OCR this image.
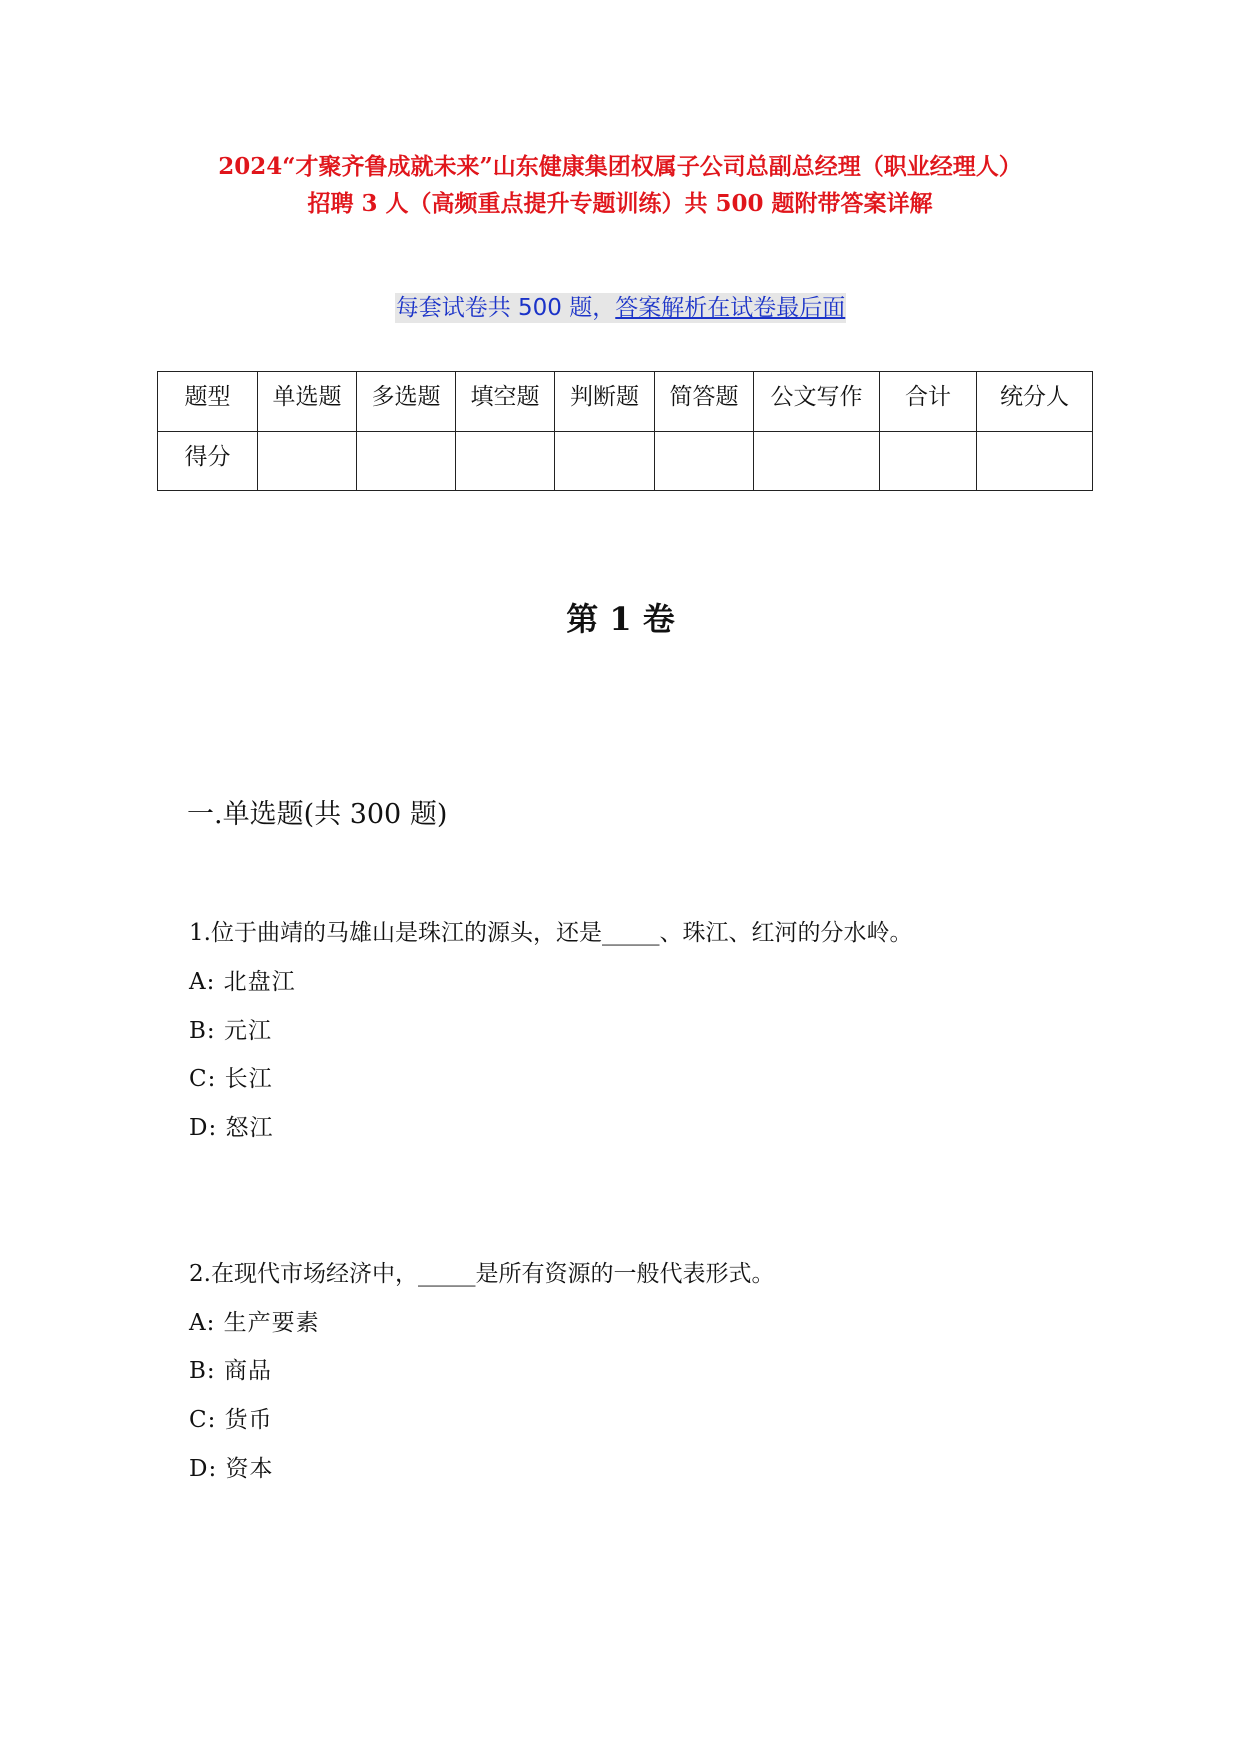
2024“才聚齐鲁成就未来”山东健康集团权属子公司总副总经理（职业经理人）
招聘 3 人（高频重点提升专题训练）共 500 题附带答案详解
每套试卷共 500 题，答案解析在试卷最后面
题型	单选题	多选题	填空题	判断题	简答题	公文写作	合计	统分人
得分								
第 1 卷
一.单选题(共 300 题)
1.位于曲靖的马雄山是珠江的源头，还是_____、珠江、红河的分水岭。
A: 北盘江
B: 元江
C: 长江
D: 怒江
2.在现代市场经济中，_____是所有资源的一般代表形式。
A: 生产要素
B: 商品
C: 货币
D: 资本
